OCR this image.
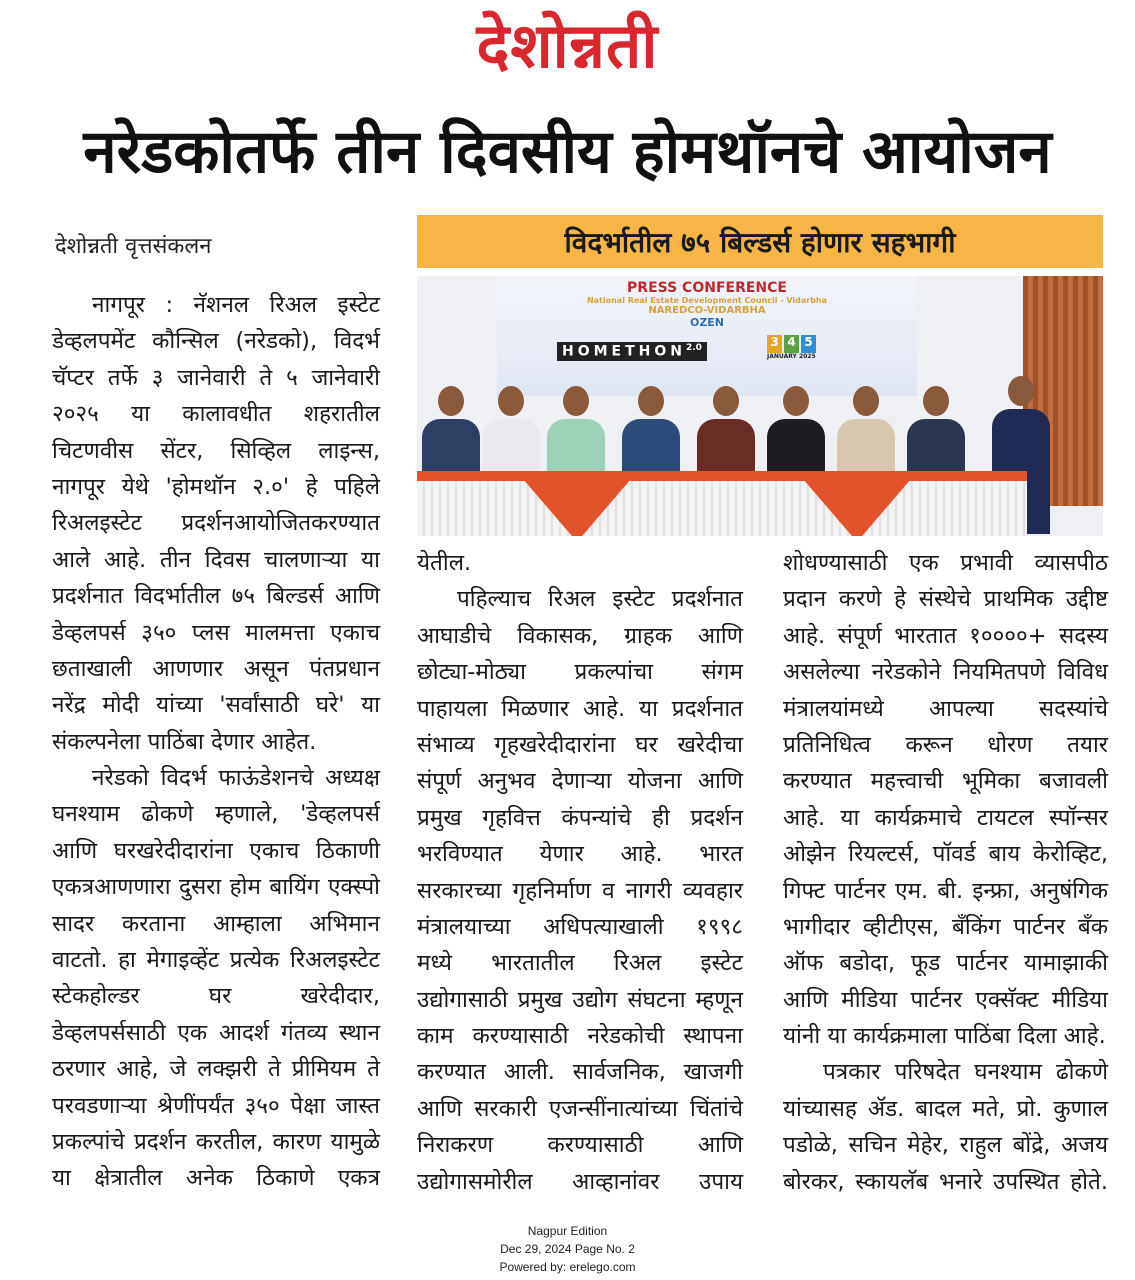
देशोन्नती
नरेडकोतर्फे तीन दिवसीय होमथॉनचे आयोजन
देशोन्नती वृत्तसंकलन	विदर्भातील ७५ बिल्डर्स होणार सहभागी
PRESS CONFERENCE
National Real Estate Development Council - Vidarbha
NAREDCO-VIDARBHA
OZEN
$HOMETHON^{2.0}$	3 4 5
JANUARY 2025
नागपूर : नॅशनल रिअल इस्टेट
डेव्हलपमेंट कौन्सिल (नरेडको), विदर्भ
चॅप्टर तर्फे ३ जानेवारी ते ५ जानेवारी
२०२५ या कालावधीत शहरातील
चिटणवीस सेंटर, सिव्हिल लाइन्स,
नागपूर येथे 'होमथॉन २.०' हे पहिले
रिअलइस्टेट प्रदर्शनआयोजितकरण्यात
आले आहे. तीन दिवस चालणाऱ्या या
प्रदर्शनात विदर्भातील ७५ बिल्डर्स आणि
डेव्हलपर्स ३५० प्लस मालमत्ता एकाच
छताखाली आणणार असून पंतप्रधान
नरेंद्र मोदी यांच्या 'सर्वांसाठी घरे' या
संकल्पनेला पाठिंबा देणार आहेत.
नरेडको विदर्भ फाऊंडेशनचे अध्यक्ष
घनश्याम ढोकणे म्हणाले, 'डेव्हलपर्स
आणि घरखरेदीदारांना एकाच ठिकाणी
एकत्रआणणारा दुसरा होम बायिंग एक्स्पो
सादर करताना आम्हाला अभिमान
वाटतो. हा मेगाइव्हेंट प्रत्येक रिअलइस्टेट
स्टेकहोल्डर घर खरेदीदार,
डेव्हलपर्ससाठी एक आदर्श गंतव्य स्थान
ठरणार आहे, जे लक्झरी ते प्रीमियम ते
परवडणाऱ्या श्रेणींपर्यंत ३५० पेक्षा जास्त
प्रकल्पांचे प्रदर्शन करतील, कारण यामुळे
या क्षेत्रातील अनेक ठिकाणे एकत्र
येतील.
पहिल्याच रिअल इस्टेट प्रदर्शनात
आघाडीचे विकासक, ग्राहक आणि
छोट्या-मोठ्या प्रकल्पांचा संगम
पाहायला मिळणार आहे. या प्रदर्शनात
संभाव्य गृहखरेदीदारांना घर खरेदीचा
संपूर्ण अनुभव देणाऱ्या योजना आणि
प्रमुख गृहवित्त कंपन्यांचे ही प्रदर्शन
भरविण्यात येणार आहे. भारत
सरकारच्या गृहनिर्माण व नागरी व्यवहार
मंत्रालयाच्या अधिपत्याखाली १९९८
मध्ये भारतातील रिअल इस्टेट
उद्योगासाठी प्रमुख उद्योग संघटना म्हणून
काम करण्यासाठी नरेडकोची स्थापना
करण्यात आली. सार्वजनिक, खाजगी
आणि सरकारी एजन्सींनात्यांच्या चिंतांचे
निराकरण करण्यासाठी आणि
उद्योगासमोरील आव्हानांवर उपाय
शोधण्यासाठी एक प्रभावी व्यासपीठ
प्रदान करणे हे संस्थेचे प्राथमिक उद्दीष्ट
आहे. संपूर्ण भारतात १००००+ सदस्य
असलेल्या नरेडकोने नियमितपणे विविध
मंत्रालयांमध्ये आपल्या सदस्यांचे
प्रतिनिधित्व करून धोरण तयार
करण्यात महत्त्वाची भूमिका बजावली
आहे. या कार्यक्रमाचे टायटल स्पॉन्सर
ओझेन रियल्टर्स, पॉवर्ड बाय केरोव्हिट,
गिफ्ट पार्टनर एम. बी. इन्फ्रा, अनुषंगिक
भागीदार व्हीटीएस, बँकिंग पार्टनर बँक
ऑफ बडोदा, फूड पार्टनर यामाझाकी
आणि मीडिया पार्टनर एक्सॅक्ट मीडिया
यांनी या कार्यक्रमाला पाठिंबा दिला आहे.
पत्रकार परिषदेत घनश्याम ढोकणे
यांच्यासह ॲड. बादल मते, प्रो. कुणाल
पडोळे, सचिन मेहेर, राहुल बोंद्रे, अजय
बोरकर, स्कायलॅब भनारे उपस्थित होते.
Nagpur Edition
Dec 29, 2024 Page No. 2
Powered by: erelego.com
